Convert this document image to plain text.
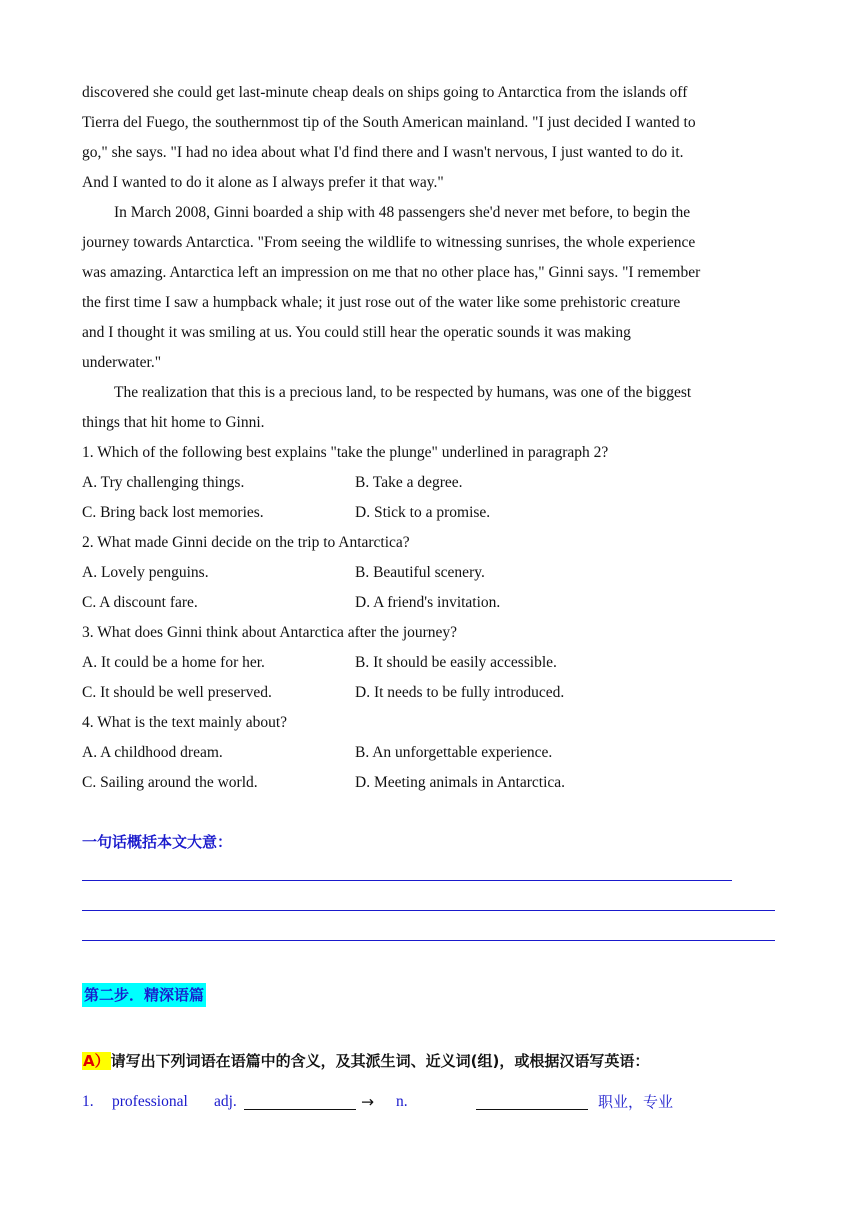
discovered she could get last-minute cheap deals on ships going to Antarctica from the islands off
Tierra del Fuego, the southernmost tip of the South American mainland. "I just decided I wanted to
go," she says. "I had no idea about what I'd find there and I wasn't nervous, I just wanted to do it.
And I wanted to do it alone as I always prefer it that way."
In March 2008, Ginni boarded a ship with 48 passengers she'd never met before, to begin the
journey towards Antarctica. "From seeing the wildlife to witnessing sunrises, the whole experience
was amazing. Antarctica left an impression on me that no other place has," Ginni says. "I remember
the first time I saw a humpback whale; it just rose out of the water like some prehistoric creature
and I thought it was smiling at us. You could still hear the operatic sounds it was making
underwater."
The realization that this is a precious land, to be respected by humans, was one of the biggest
things that hit home to Ginni.
1. Which of the following best explains "take the plunge" underlined in paragraph 2?
A. Try challenging things.	B. Take a degree.
C. Bring back lost memories.	D. Stick to a promise.
2. What made Ginni decide on the trip to Antarctica?
A. Lovely penguins.	B. Beautiful scenery.
C. A discount fare.	D. A friend's invitation.
3. What does Ginni think about Antarctica after the journey?
A. It could be a home for her.	B. It should be easily accessible.
C. It should be well preserved.	D. It needs to be fully introduced.
4. What is the text mainly about?
A. A childhood dream.	B. An unforgettable experience.
C. Sailing around the world.	D. Meeting animals in Antarctica.
一句话概括本文大意：
第二步．精深语篇
A）请写出下列词语在语篇中的含义，及其派生词、近义词(组)，或根据汉语写英语：
1. professional adj.	→ n.	职业，专业
